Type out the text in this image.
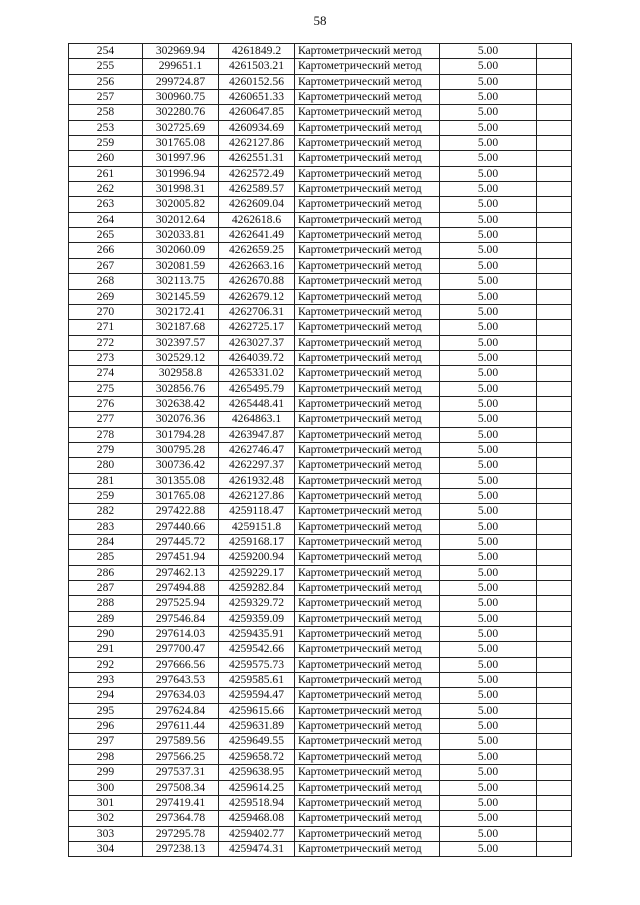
58
254	302969.94	4261849.2	Картометрический метод	5.00	
255	299651.1	4261503.21	Картометрический метод	5.00	
256	299724.87	4260152.56	Картометрический метод	5.00	
257	300960.75	4260651.33	Картометрический метод	5.00	
258	302280.76	4260647.85	Картометрический метод	5.00	
253	302725.69	4260934.69	Картометрический метод	5.00	
259	301765.08	4262127.86	Картометрический метод	5.00	
260	301997.96	4262551.31	Картометрический метод	5.00	
261	301996.94	4262572.49	Картометрический метод	5.00	
262	301998.31	4262589.57	Картометрический метод	5.00	
263	302005.82	4262609.04	Картометрический метод	5.00	
264	302012.64	4262618.6	Картометрический метод	5.00	
265	302033.81	4262641.49	Картометрический метод	5.00	
266	302060.09	4262659.25	Картометрический метод	5.00	
267	302081.59	4262663.16	Картометрический метод	5.00	
268	302113.75	4262670.88	Картометрический метод	5.00	
269	302145.59	4262679.12	Картометрический метод	5.00	
270	302172.41	4262706.31	Картометрический метод	5.00	
271	302187.68	4262725.17	Картометрический метод	5.00	
272	302397.57	4263027.37	Картометрический метод	5.00	
273	302529.12	4264039.72	Картометрический метод	5.00	
274	302958.8	4265331.02	Картометрический метод	5.00	
275	302856.76	4265495.79	Картометрический метод	5.00	
276	302638.42	4265448.41	Картометрический метод	5.00	
277	302076.36	4264863.1	Картометрический метод	5.00	
278	301794.28	4263947.87	Картометрический метод	5.00	
279	300795.28	4262746.47	Картометрический метод	5.00	
280	300736.42	4262297.37	Картометрический метод	5.00	
281	301355.08	4261932.48	Картометрический метод	5.00	
259	301765.08	4262127.86	Картометрический метод	5.00	
282	297422.88	4259118.47	Картометрический метод	5.00	
283	297440.66	4259151.8	Картометрический метод	5.00	
284	297445.72	4259168.17	Картометрический метод	5.00	
285	297451.94	4259200.94	Картометрический метод	5.00	
286	297462.13	4259229.17	Картометрический метод	5.00	
287	297494.88	4259282.84	Картометрический метод	5.00	
288	297525.94	4259329.72	Картометрический метод	5.00	
289	297546.84	4259359.09	Картометрический метод	5.00	
290	297614.03	4259435.91	Картометрический метод	5.00	
291	297700.47	4259542.66	Картометрический метод	5.00	
292	297666.56	4259575.73	Картометрический метод	5.00	
293	297643.53	4259585.61	Картометрический метод	5.00	
294	297634.03	4259594.47	Картометрический метод	5.00	
295	297624.84	4259615.66	Картометрический метод	5.00	
296	297611.44	4259631.89	Картометрический метод	5.00	
297	297589.56	4259649.55	Картометрический метод	5.00	
298	297566.25	4259658.72	Картометрический метод	5.00	
299	297537.31	4259638.95	Картометрический метод	5.00	
300	297508.34	4259614.25	Картометрический метод	5.00	
301	297419.41	4259518.94	Картометрический метод	5.00	
302	297364.78	4259468.08	Картометрический метод	5.00	
303	297295.78	4259402.77	Картометрический метод	5.00	
304	297238.13	4259474.31	Картометрический метод	5.00	
